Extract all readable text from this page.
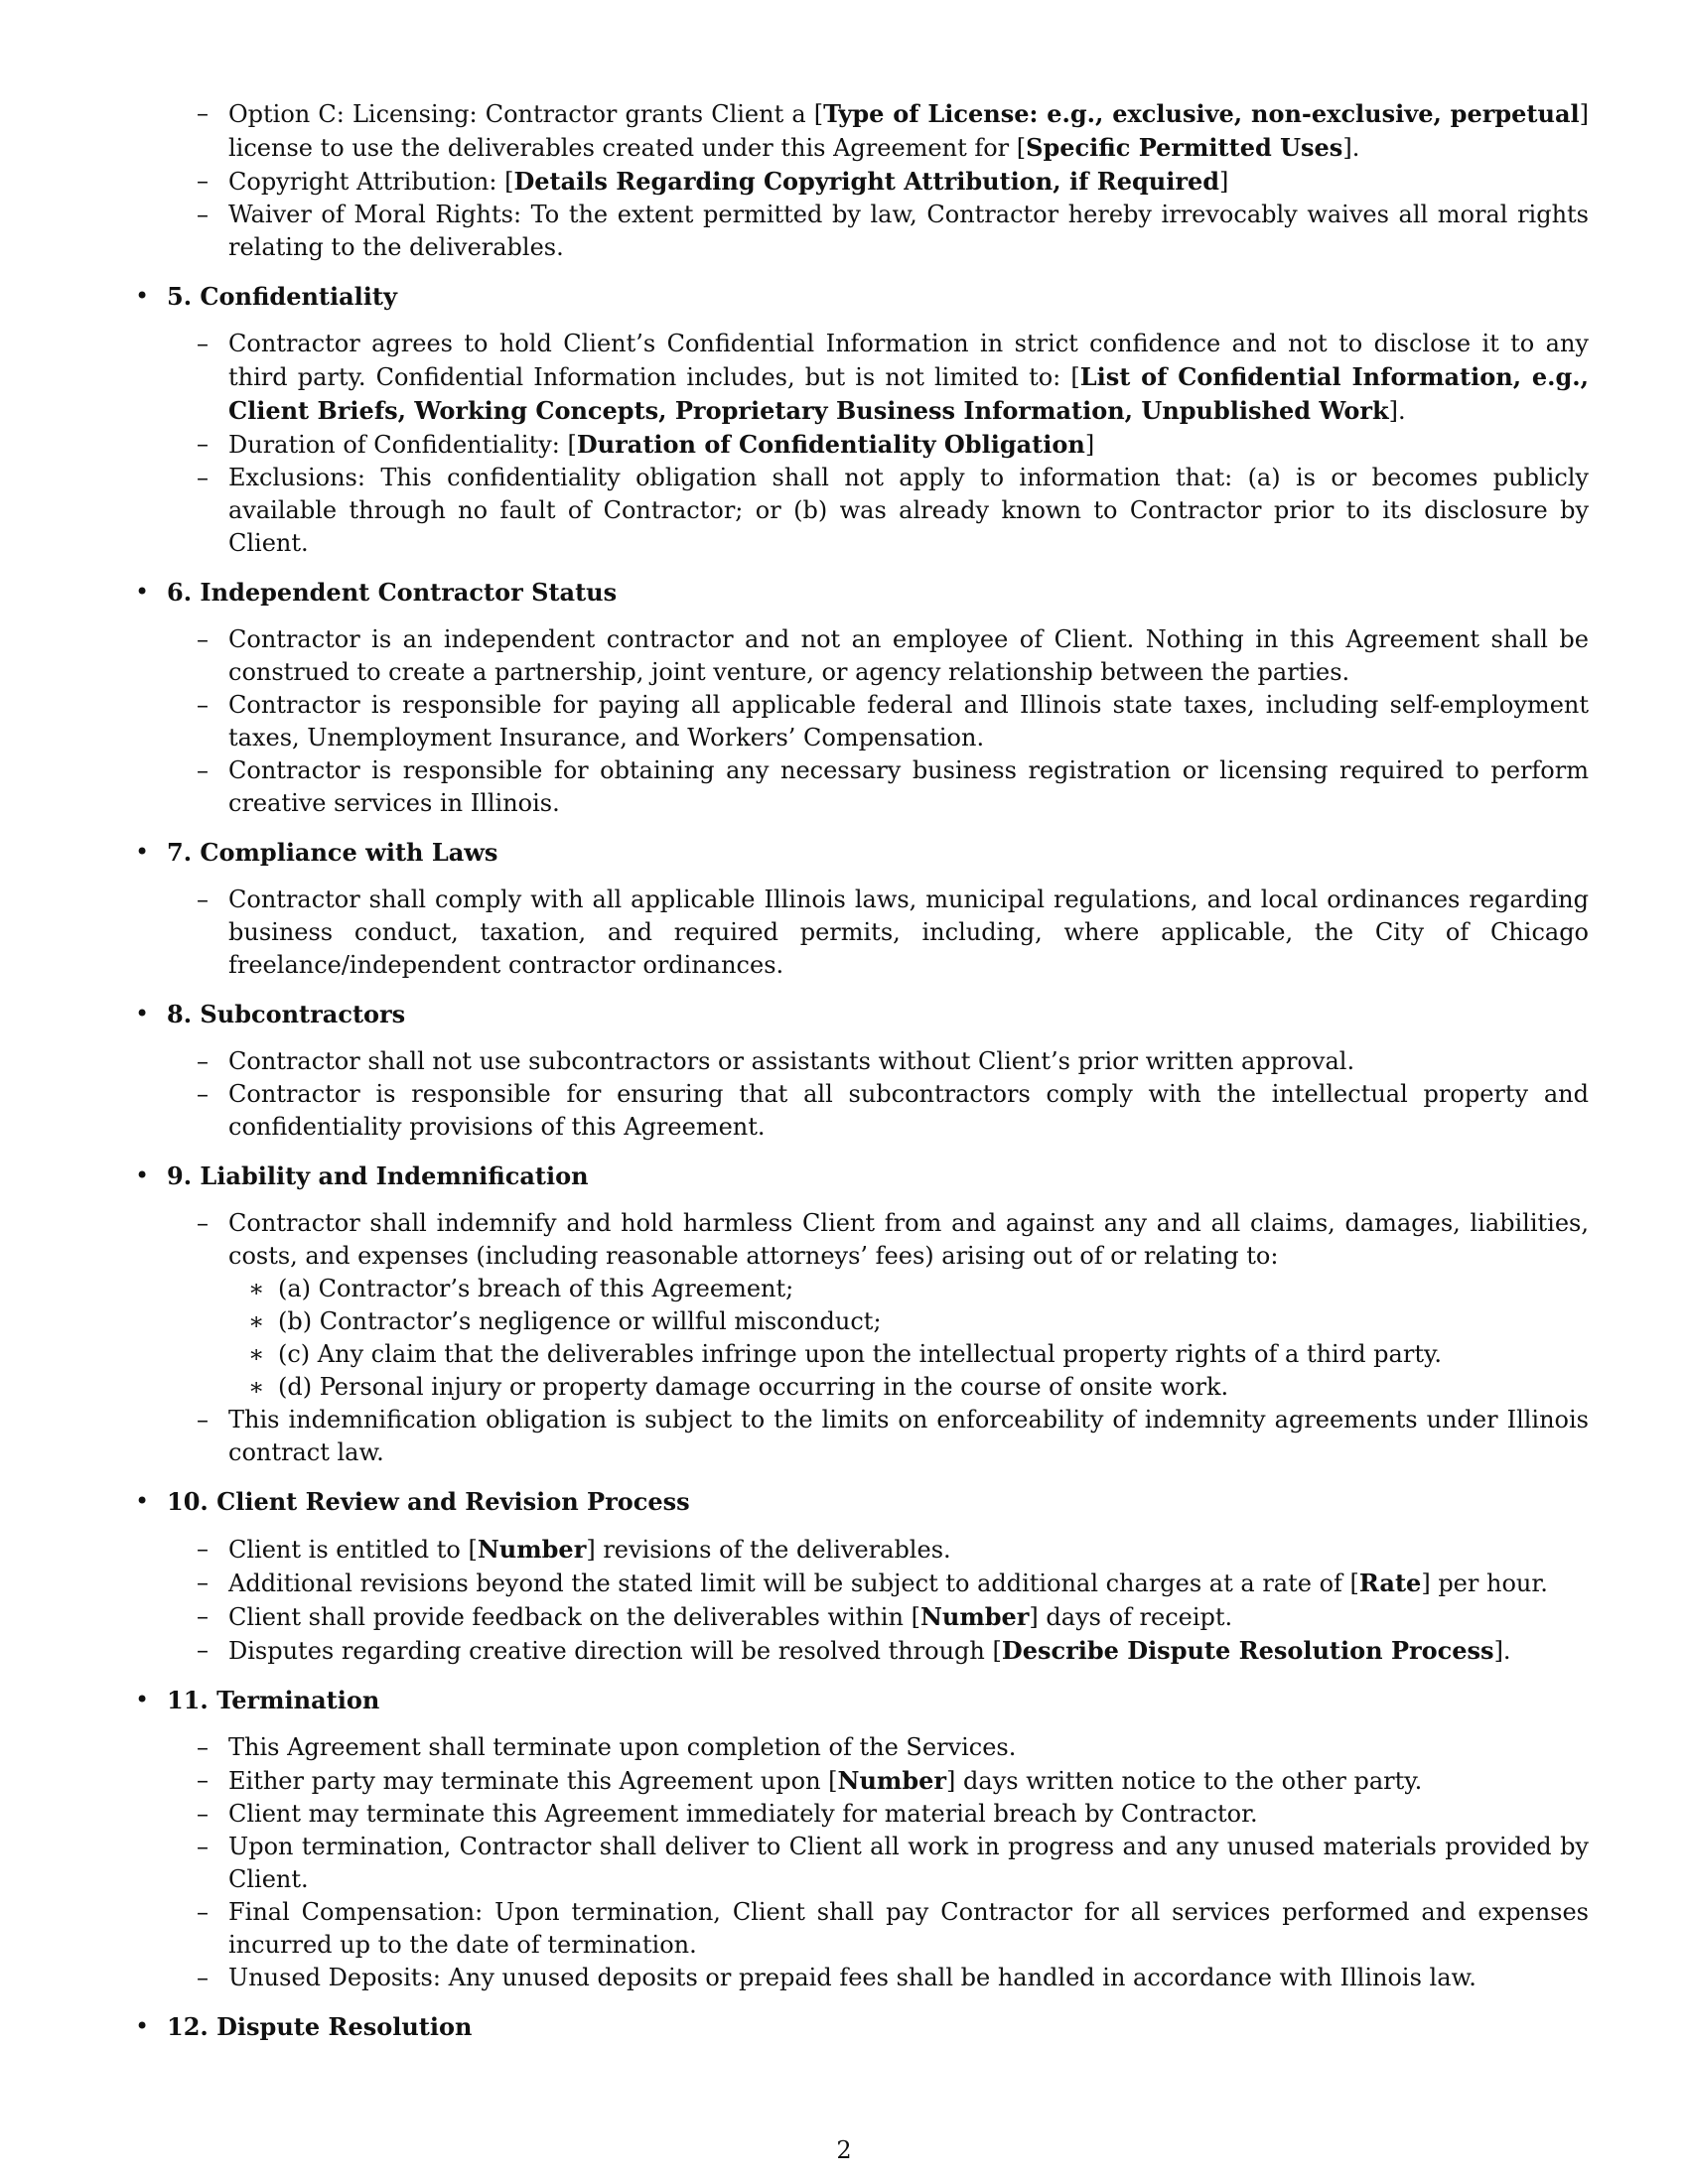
– Option C: Licensing: Contractor grants Client a [Type of License: e.g., exclusive, non-exclusive, perpetual] license to use the deliverables created under this Agreement for [Specific Permitted Uses].
– Copyright Attribution: [Details Regarding Copyright Attribution, if Required]
– Waiver of Moral Rights: To the extent permitted by law, Contractor hereby irrevocably waives all moral rights relating to the deliverables.
• 5. Confidentiality
– Contractor agrees to hold Client’s Confidential Information in strict confidence and not to disclose it to any third party. Confidential Information includes, but is not limited to: [List of Confidential Information, e.g., Client Briefs, Working Concepts, Proprietary Business Information, Unpublished Work].
– Duration of Confidentiality: [Duration of Confidentiality Obligation]
– Exclusions: This confidentiality obligation shall not apply to information that: (a) is or becomes publicly available through no fault of Contractor; or (b) was already known to Contractor prior to its disclosure by Client.
• 6. Independent Contractor Status
– Contractor is an independent contractor and not an employee of Client. Nothing in this Agreement shall be construed to create a partnership, joint venture, or agency relationship between the parties.
– Contractor is responsible for paying all applicable federal and Illinois state taxes, including self-employment taxes, Unemployment Insurance, and Workers’ Compensation.
– Contractor is responsible for obtaining any necessary business registration or licensing required to perform creative services in Illinois.
• 7. Compliance with Laws
– Contractor shall comply with all applicable Illinois laws, municipal regulations, and local ordinances regarding business conduct, taxation, and required permits, including, where applicable, the City of Chicago freelance/independent contractor ordinances.
• 8. Subcontractors
– Contractor shall not use subcontractors or assistants without Client’s prior written approval.
– Contractor is responsible for ensuring that all subcontractors comply with the intellectual property and confidentiality provisions of this Agreement.
• 9. Liability and Indemnification
– Contractor shall indemnify and hold harmless Client from and against any and all claims, damages, liabilities, costs, and expenses (including reasonable attorneys’ fees) arising out of or relating to:
∗ (a) Contractor’s breach of this Agreement;
∗ (b) Contractor’s negligence or willful misconduct;
∗ (c) Any claim that the deliverables infringe upon the intellectual property rights of a third party.
∗ (d) Personal injury or property damage occurring in the course of onsite work.
– This indemnification obligation is subject to the limits on enforceability of indemnity agreements under Illinois contract law.
• 10. Client Review and Revision Process
– Client is entitled to [Number] revisions of the deliverables.
– Additional revisions beyond the stated limit will be subject to additional charges at a rate of [Rate] per hour.
– Client shall provide feedback on the deliverables within [Number] days of receipt.
– Disputes regarding creative direction will be resolved through [Describe Dispute Resolution Process].
• 11. Termination
– This Agreement shall terminate upon completion of the Services.
– Either party may terminate this Agreement upon [Number] days written notice to the other party.
– Client may terminate this Agreement immediately for material breach by Contractor.
– Upon termination, Contractor shall deliver to Client all work in progress and any unused materials provided by Client.
– Final Compensation: Upon termination, Client shall pay Contractor for all services performed and expenses incurred up to the date of termination.
– Unused Deposits: Any unused deposits or prepaid fees shall be handled in accordance with Illinois law.
• 12. Dispute Resolution
2
